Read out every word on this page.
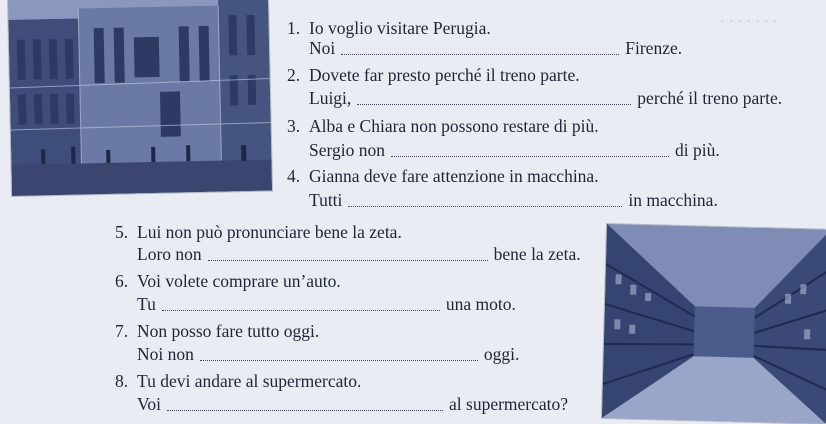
· · · · · · ·
1. Io voglio visitare Perugia.
Noi	Firenze.
2. Dovete far presto perché il treno parte.
Luigi,	perché il treno parte.
3. Alba e Chiara non possono restare di più.
Sergio non	di più.
4. Gianna deve fare attenzione in macchina.
Tutti	in macchina.
5. Lui non può pronunciare bene la zeta.
Loro non	bene la zeta.
6. Voi volete comprare un’auto.
Tu	una moto.
7. Non posso fare tutto oggi.
Noi non	oggi.
8. Tu devi andare al supermercato.
Voi	al supermercato?
